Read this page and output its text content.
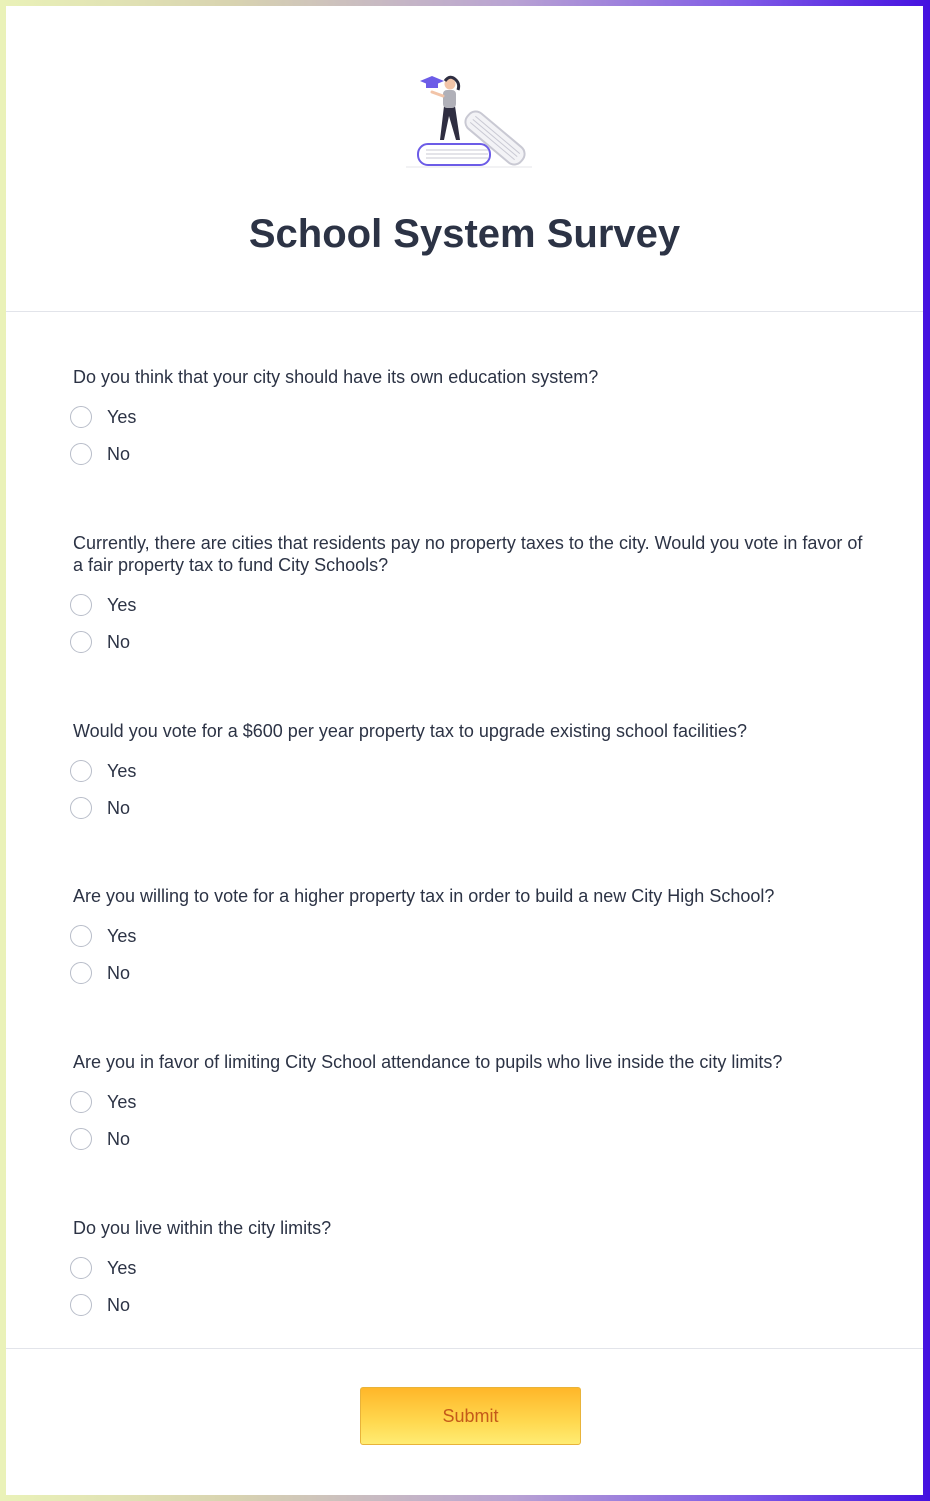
School System Survey

Do you think that your city should have its own education system?

Yes
No

Currently, there are cities that residents pay no property taxes to the city. Would you vote in favor of a fair property tax to fund City Schools?

Yes
No

Would you vote for a $600 per year property tax to upgrade existing school facilities?

Yes
No

Are you willing to vote for a higher property tax in order to build a new City High School?

Yes
No

Are you in favor of limiting City School attendance to pupils who live inside the city limits?

Yes
No

Do you live within the city limits?

Yes
No
Submit
